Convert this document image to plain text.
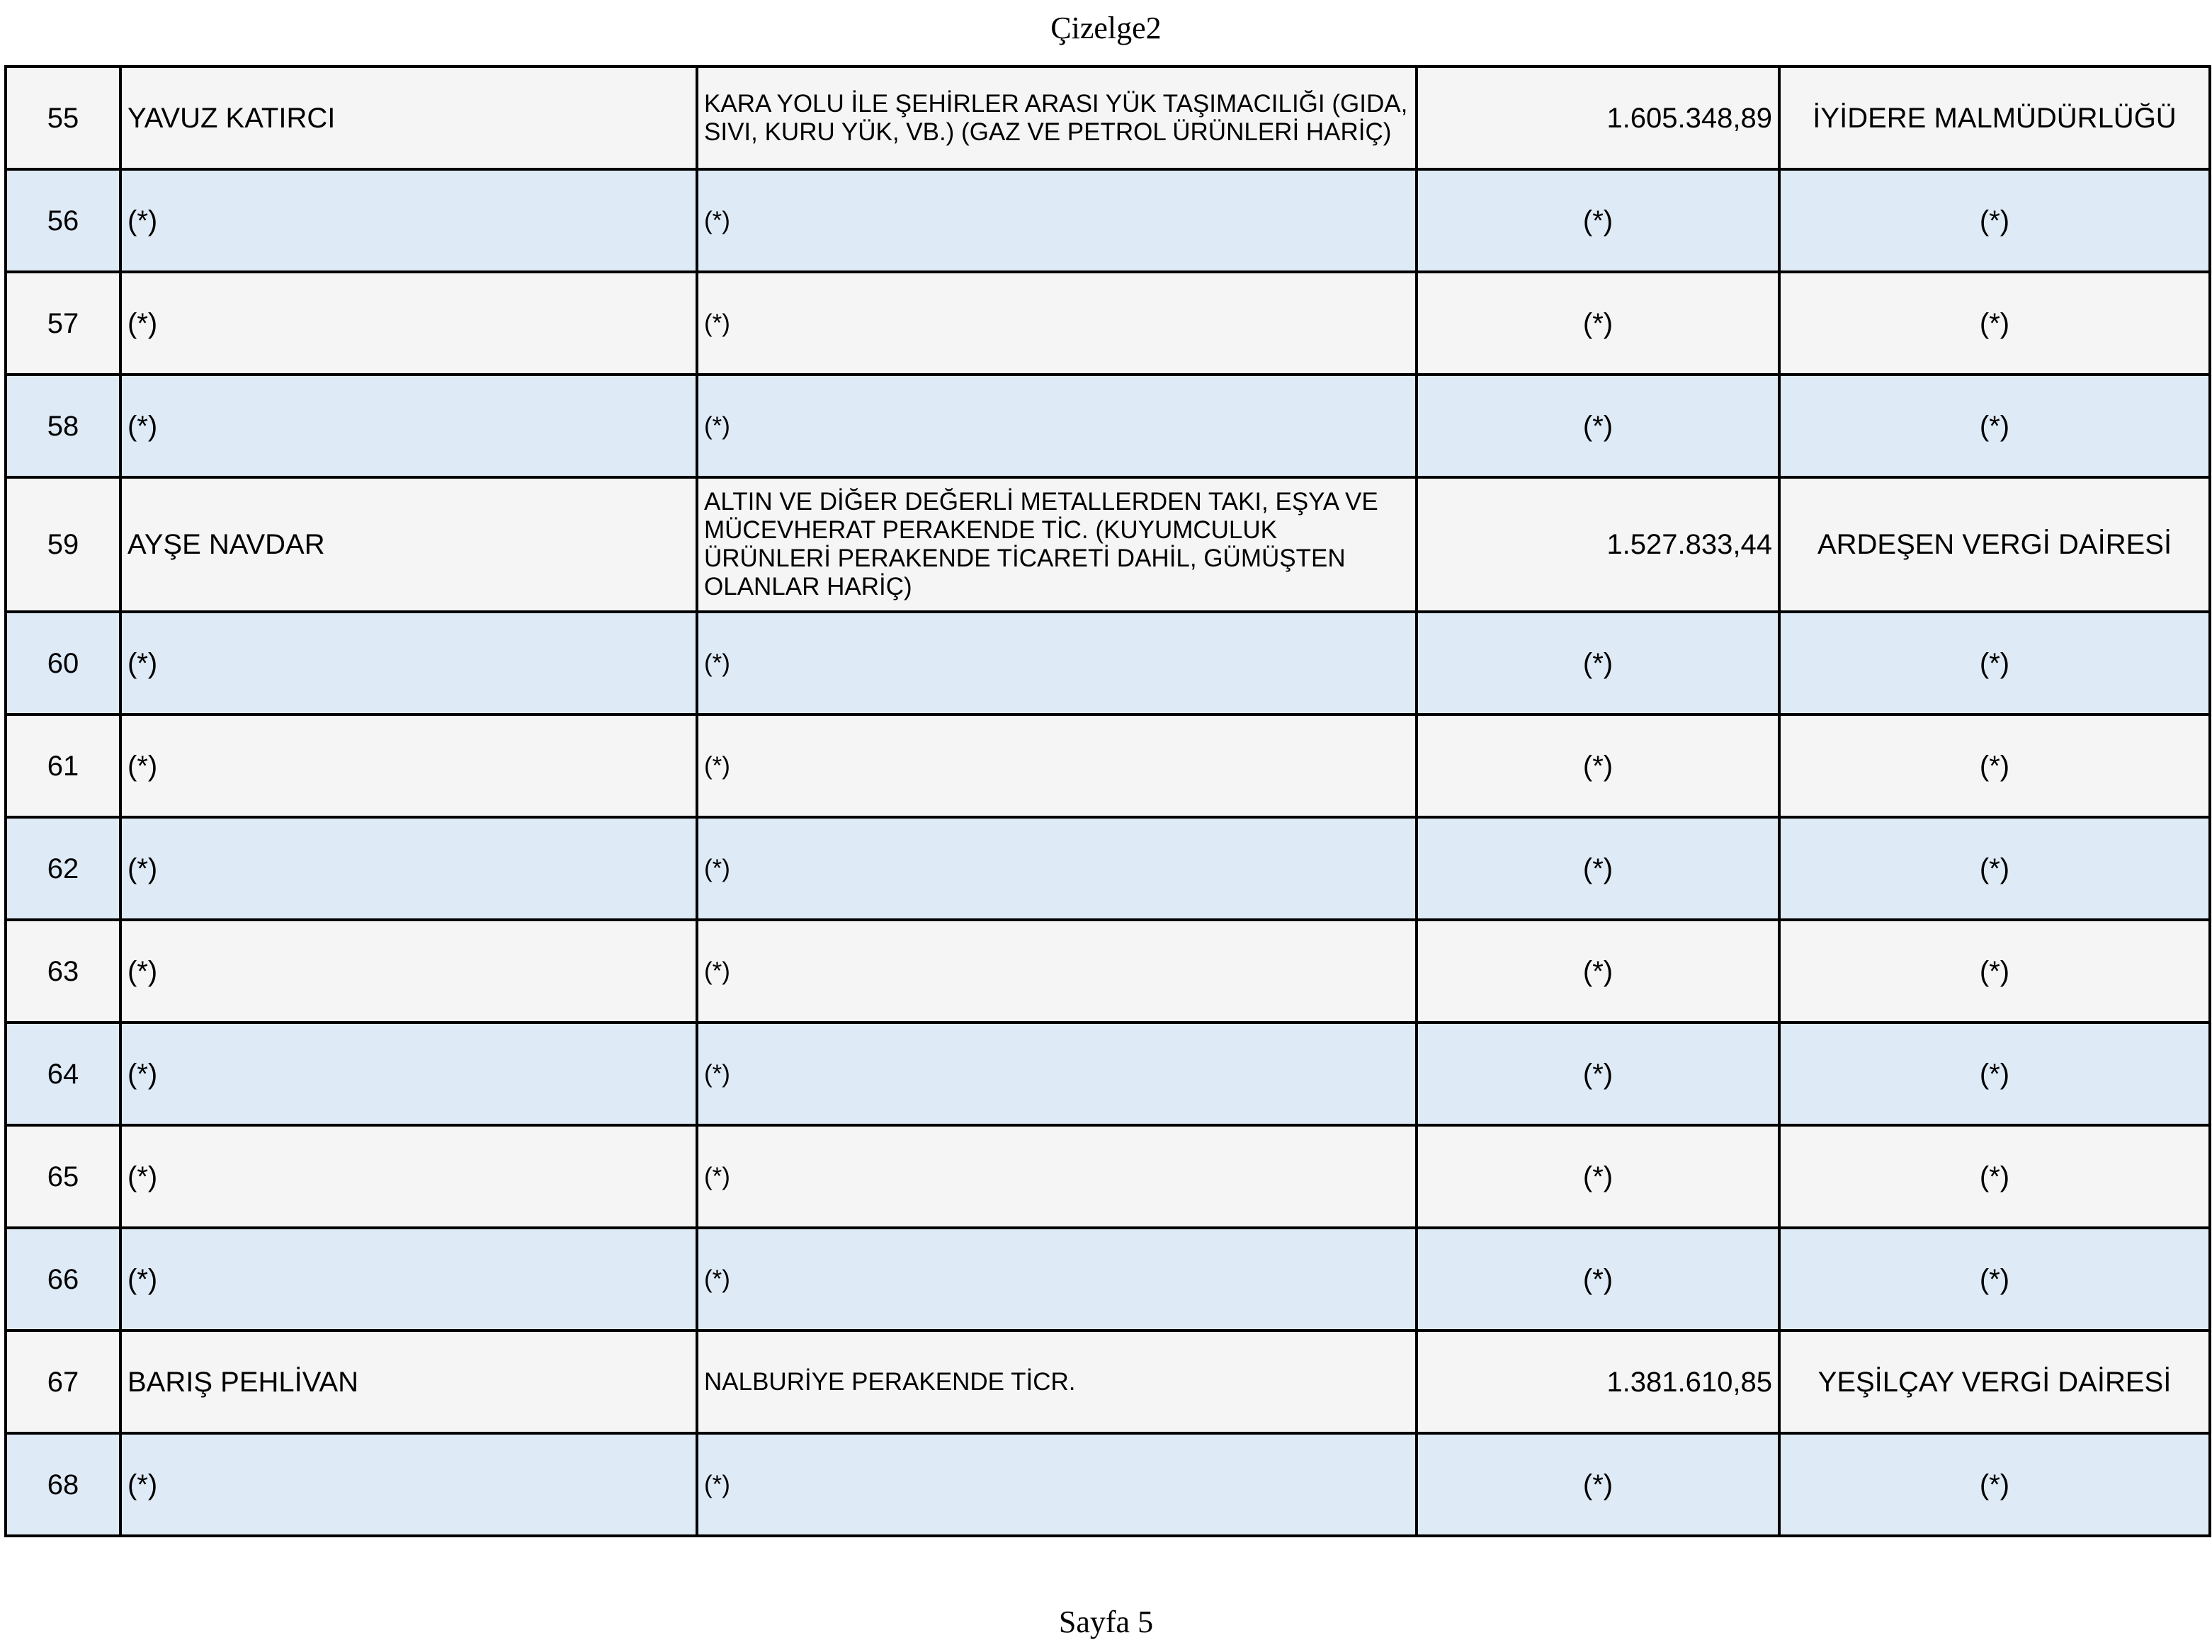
Çizelge2
55	YAVUZ KATIRCI	KARA YOLU İLE ŞEHİRLER ARASI YÜK TAŞIMACILIĞI (GIDA, SIVI, KURU YÜK, VB.) (GAZ VE PETROL ÜRÜNLERİ HARİÇ)	1.605.348,89	İYİDERE MALMÜDÜRLÜĞÜ
56	(*)	(*)	(*)	(*)
57	(*)	(*)	(*)	(*)
58	(*)	(*)	(*)	(*)
59	AYŞE NAVDAR	ALTIN VE DİĞER DEĞERLİ METALLERDEN TAKI, EŞYA VE MÜCEVHERAT PERAKENDE TİC. (KUYUMCULUK ÜRÜNLERİ PERAKENDE TİCARETİ DAHİL, GÜMÜŞTEN OLANLAR HARİÇ)	1.527.833,44	ARDEŞEN VERGİ DAİRESİ
60	(*)	(*)	(*)	(*)
61	(*)	(*)	(*)	(*)
62	(*)	(*)	(*)	(*)
63	(*)	(*)	(*)	(*)
64	(*)	(*)	(*)	(*)
65	(*)	(*)	(*)	(*)
66	(*)	(*)	(*)	(*)
67	BARIŞ PEHLİVAN	NALBURİYE PERAKENDE TİCR.	1.381.610,85	YEŞİLÇAY VERGİ DAİRESİ
68	(*)	(*)	(*)	(*)
Sayfa 5
